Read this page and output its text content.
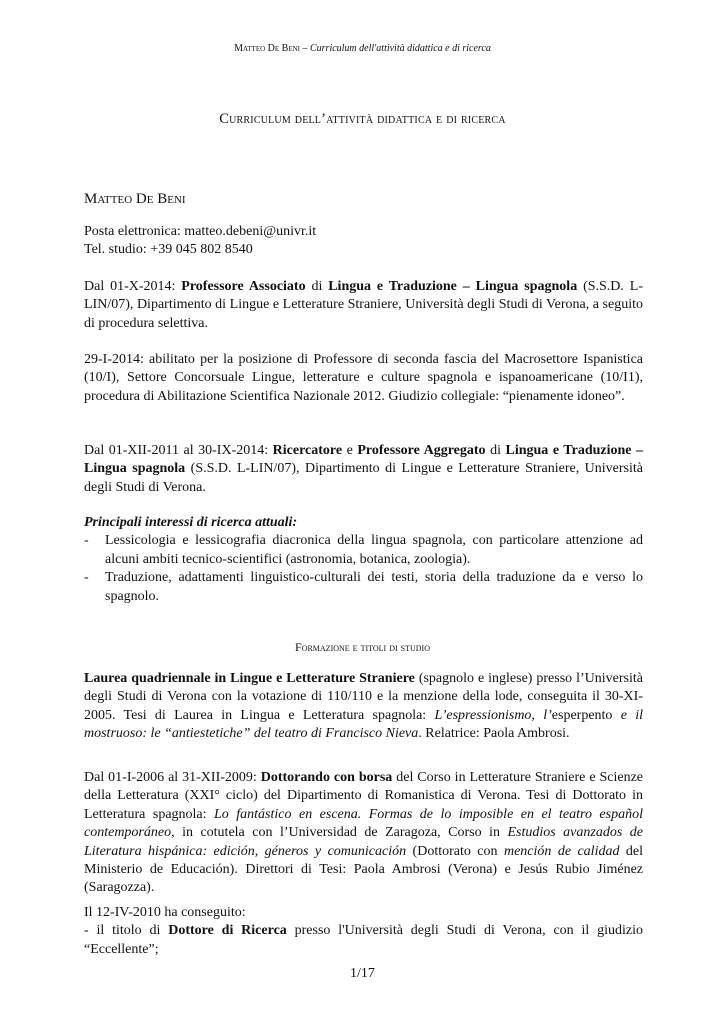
Matteo De Beni – Curriculum dell'attività didattica e di ricerca
Curriculum dell’attività didattica e di ricerca
Matteo De Beni

Posta elettronica: matteo.debeni@univr.it

Tel. studio: +39 045 802 8540

Dal 01-X-2014: Professore Associato di Lingua e Traduzione – Lingua spagnola (S.S.D. L-LIN/07), Dipartimento di Lingue e Letterature Straniere, Università degli Studi di Verona, a seguito di procedura selettiva.
29-I-2014: abilitato per la posizione di Professore di seconda fascia del Macrosettore Ispanistica (10/I), Settore Concorsuale Lingue, letterature e culture spagnola e ispanoamericane (10/I1), procedura di Abilitazione Scientifica Nazionale 2012. Giudizio collegiale: “pienamente idoneo”.
Dal 01-XII-2011 al 30-IX-2014: Ricercatore e Professore Aggregato di Lingua e Traduzione – Lingua spagnola (S.S.D. L-LIN/07), Dipartimento di Lingue e Letterature Straniere, Università degli Studi di Verona.

Principali interessi di ricerca attuali:

- Lessicologia e lessicografia diacronica della lingua spagnola, con particolare attenzione ad alcuni ambiti tecnico-scientifici (astronomia, botanica, zoologia).
- Traduzione, adattamenti linguistico-culturali dei testi, storia della traduzione da e verso lo spagnolo.
Formazione e titoli di studio
Laurea quadriennale in Lingue e Letterature Straniere (spagnolo e inglese) presso l’Università degli Studi di Verona con la votazione di 110/110 e la menzione della lode, conseguita il 30-XI-2005. Tesi di Laurea in Lingua e Letteratura spagnola: L’espressionismo, l’esperpento e il mostruoso: le “antiestetiche” del teatro di Francisco Nieva. Relatrice: Paola Ambrosi.
Dal 01-I-2006 al 31-XII-2009: Dottorando con borsa del Corso in Letterature Straniere e Scienze della Letteratura (XXI° ciclo) del Dipartimento di Romanistica di Verona. Tesi di Dottorato in Letteratura spagnola: Lo fantástico en escena. Formas de lo imposible en el teatro español contemporáneo, in cotutela con l’Universidad de Zaragoza, Corso in Estudios avanzados de Literatura hispánica: edición, géneros y comunicación (Dottorato con mención de calidad del Ministerio de Educación). Direttori di Tesi: Paola Ambrosi (Verona) e Jesús Rubio Jiménez (Saragozza).

Il 12-IV-2010 ha conseguito:

- il titolo di Dottore di Ricerca presso l'Università degli Studi di Verona, con il giudizio “Eccellente”;

1/17
